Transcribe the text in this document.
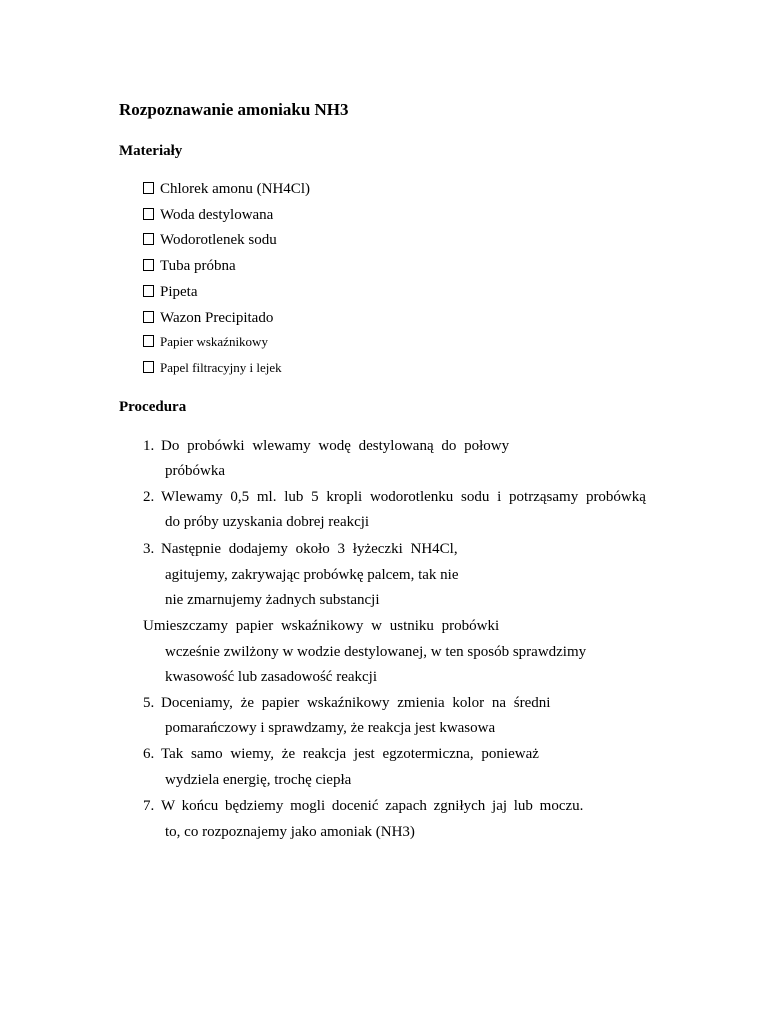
Rozpoznawanie amoniaku NH3
Materiały
Chlorek amonu (NH4Cl)
Woda destylowana
Wodorotlenek sodu
Tuba próbna
Pipeta
Wazon Precipitado
Papier wskaźnikowy
Papel filtracyjny i lejek
Procedura
1. Do probówki wlewamy wodę destylowaną do połowy
próbówka
2. Wlewamy 0,5 ml. lub 5 kropli wodorotlenku sodu i potrząsamy probówką
do próby uzyskania dobrej reakcji
3. Następnie dodajemy około 3 łyżeczki NH4Cl,
agitujemy, zakrywając probówkę palcem, tak nie
nie zmarnujemy żadnych substancji
Umieszczamy papier wskaźnikowy w ustniku probówki
wcześnie zwilżony w wodzie destylowanej, w ten sposób sprawdzimy
kwasowość lub zasadowość reakcji
5. Doceniamy, że papier wskaźnikowy zmienia kolor na średni
pomarańczowy i sprawdzamy, że reakcja jest kwasowa
6. Tak samo wiemy, że reakcja jest egzotermiczna, ponieważ
wydziela energię, trochę ciepła
7. W końcu będziemy mogli docenić zapach zgniłych jaj lub moczu.
to, co rozpoznajemy jako amoniak (NH3)
